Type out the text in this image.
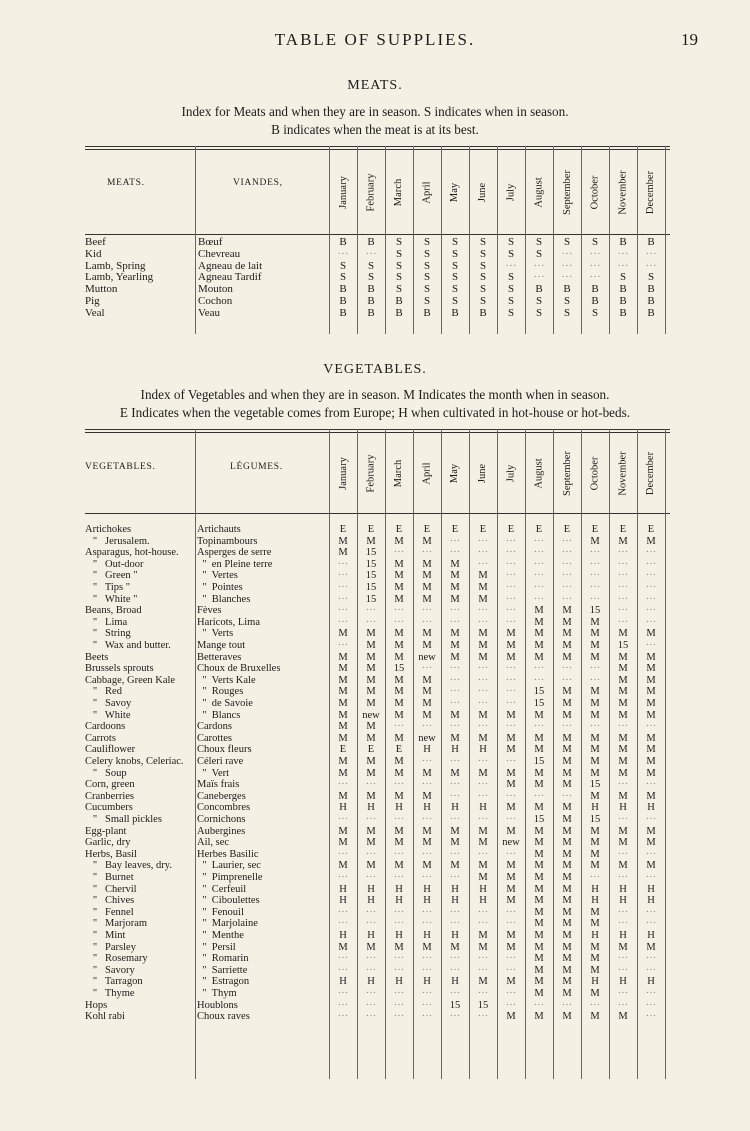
TABLE OF SUPPLIES.	19
MEATS.
Index for Meats and when they are in season. S indicates when in season.
B indicates when the meat is at its best.
MEATS.	VIANDES,	January February March April May June July August September October November December
Beef	Bœuf	B	B	S	S	S	S	S	S	S	S	B	B
Kid	Chevreau	···	···	S	S	S	S	S	S	···	···	···	···
Lamb, Spring	Agneau de lait	S	S	S	S	S	S	···	···	···	···	···	···
Lamb, Yearling	Agneau Tardif	S	S	S	S	S	S	S	···	···	···	S	S
Mutton	Mouton	B	B	S	S	S	S	S	B	B	B	B	B
Pig	Cochon	B	B	B	S	S	S	S	S	S	B	B	B
Veal	Veau	B	B	B	B	B	B	S	S	S	S	B	B
VEGETABLES.
Index of Vegetables and when they are in season. M Indicates the month when in season.
E Indicates when the vegetable comes from Europe; H when cultivated in hot-house or hot-beds.
VEGETABLES.	LÉGUMES.	January February March April May June July August September October November December
Artichokes	Artichauts	E	E	E	E	E	E	E	E	E	E	E	E
"   Jerusalem.	Topinambours	M	M	M	M	···	···	···	···	···	M	M	M
Asparagus, hot-house.	Asperges de serre	M	15	···	···	···	···	···	···	···	···	···	···
"   Out-door	"  en Pleine terre	···	15	M	M	M	···	···	···	···	···	···	···
"   Green "	"  Vertes	···	15	M	M	M	M	···	···	···	···	···	···
"   Tips "	"  Pointes	···	15	M	M	M	M	···	···	···	···	···	···
"   White "	"  Blanches	···	15	M	M	M	M	···	···	···	···	···	···
Beans, Broad	Fèves	···	···	···	···	···	···	···	M	M	15	···	···
"   Lima	Haricots, Lima	···	···	···	···	···	···	···	M	M	M	···	···
"   String	"  Verts	M	M	M	M	M	M	M	M	M	M	M	M
"   Wax and butter.	Mange tout	···	M	M	M	M	M	M	M	M	M	15	···
Beets	Betteraves	M	M	M	new	M	M	M	M	M	M	M	M
Brussels sprouts	Choux de Bruxelles	M	M	15	···	···	···	···	···	···	···	M	M
Cabbage, Green Kale	"  Verts Kale	M	M	M	M	···	···	···	···	···	···	M	M
"   Red	"  Rouges	M	M	M	M	···	···	···	15	M	M	M	M
"   Savoy	"  de Savoie	M	M	M	M	···	···	···	15	M	M	M	M
"   White	"  Blancs	M	new	M	M	M	M	M	M	M	M	M	M
Cardoons	Cardons	M	M	···	···	···	···	···	···	···	···	···	···
Carrots	Carottes	M	M	M	new	M	M	M	M	M	M	M	M
Cauliflower	Choux fleurs	E	E	E	H	H	H	M	M	M	M	M	M
Celery knobs, Celeriac.	Céleri rave	M	M	M	···	···	···	···	15	M	M	M	M
"   Soup	"  Vert	M	M	M	M	M	M	M	M	M	M	M	M
Corn, green	Maïs frais	···	···	···	···	···	···	M	M	M	15	···	···
Cranberries	Caneberges	M	M	M	M	···	···	···	···	···	M	M	M
Cucumbers	Concombres	H	H	H	H	H	H	M	M	M	H	H	H
"   Small pickles	Cornichons	···	···	···	···	···	···	···	15	M	15	···	···
Egg-plant	Aubergines	M	M	M	M	M	M	M	M	M	M	M	M
Garlic, dry	Ail, sec	M	M	M	M	M	M	new	M	M	M	M	M
Herbs, Basil	Herbes Basilic	···	···	···	···	···	···	···	M	M	M	···	···
"   Bay leaves, dry.	"  Laurier, sec	M	M	M	M	M	M	M	M	M	M	M	M
"   Burnet	"  Pimprenelle	···	···	···	···	···	M	M	M	M	···	···	···
"   Chervil	"  Cerfeuil	H	H	H	H	H	H	M	M	M	H	H	H
"   Chives	"  Ciboulettes	H	H	H	H	H	H	M	M	M	H	H	H
"   Fennel	"  Fenouil	···	···	···	···	···	···	···	M	M	M	···	···
"   Marjoram	"  Marjolaine	···	···	···	···	···	···	···	M	M	M	···	···
"   Mint	"  Menthe	H	H	H	H	H	M	M	M	M	H	H	H
"   Parsley	"  Persil	M	M	M	M	M	M	M	M	M	M	M	M
"   Rosemary	"  Romarin	···	···	···	···	···	···	···	M	M	M	···	···
"   Savory	"  Sarriette	···	···	···	···	···	···	···	M	M	M	···	···
"   Tarragon	"  Estragon	H	H	H	H	H	M	M	M	M	H	H	H
"   Thyme	"  Thym	···	···	···	···	···	···	···	M	M	M	···	···
Hops	Houblons	···	···	···	···	15	15	···	···	···	···	···	···
Kohl rabi	Choux raves	···	···	···	···	···	···	M	M	M	M	M	···
